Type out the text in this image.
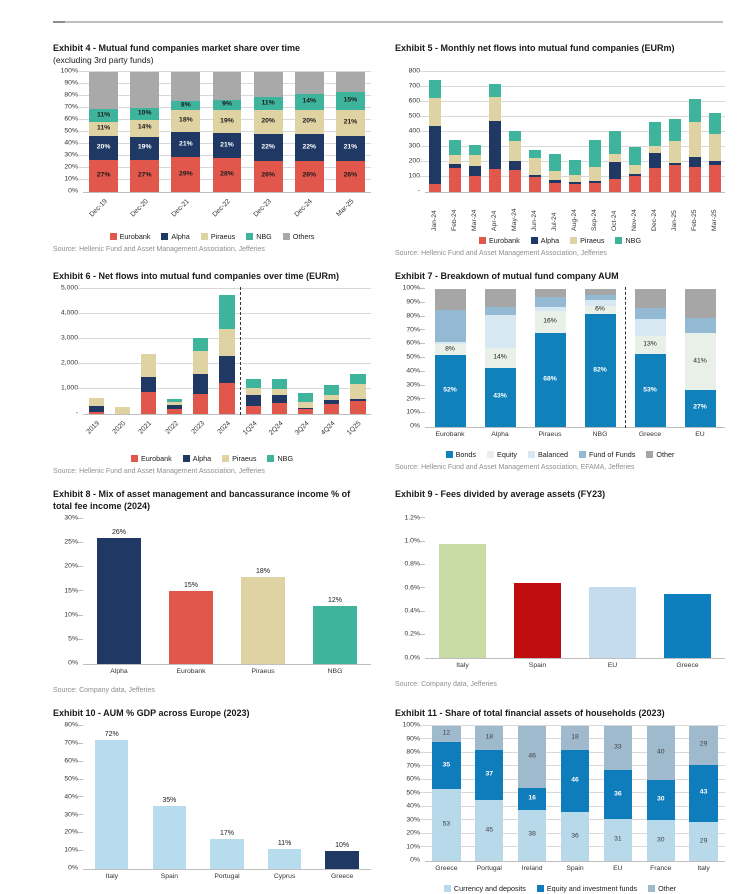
Exhibit 4 - Mutual fund companies market share over time
(excluding 3rd party funds)
0%
10%
20%
30%
40%
50%
60%
70%
80%
90%
100%
27%
20%
11%
11%
27%
19%
14%
10%
29%
21%
18%
8%
28%
21%
19%
9%
26%
22%
20%
11%
26%
22%
20%
14%
26%
21%
21%
15%
Dec-19	Dec-20	Dec-21	Dec-22	Dec-23	Dec-24	Mar-25
Eurobank	Alpha	Piraeus	NBG	Others
Source: Hellenic Fund and Asset Management Association, Jefferies
Exhibit 5 - Monthly net flows into mutual fund companies (EURm)
-
100
200
300
400
500
600
700
800
Jan-24 Feb-24 Mar-24 Apr-24 May-24 Jun-24 Jul-24 Aug-24 Sep-24 Oct-24 Nov-24 Dec-24 Jan-25 Feb-25 Mar-25
Eurobank	Alpha	Piraeus	NBG
Source: Hellenic Fund and Asset Management Association, Jefferies
Exhibit 6 - Net flows into mutual fund companies over time (EURm)
-
1,000
2,000
3,000
4,000
5,000
2019 2020 2021 2022 2023 2024 1Q24 2Q24 3Q24 4Q24 1Q25
Eurobank	Alpha	Piraeus	NBG
Source: Hellenic Fund and Asset Management Association, Jefferies
Exhibit 7 - Breakdown of mutual fund company AUM
0%
10%
20%
30%
40%
50%
60%
70%
80%
90%
100%
52%
8%
43%
14%
68%
16%
82%
6%
53%
13%
27%
41%
Eurobank	Alpha	Piraeus	NBG	Greece	EU
Bonds	Equity	Balanced	Fund of Funds	Other
Source: Hellenic Fund and Asset Management Association, EFAMA, Jefferies
Exhibit 8 - Mix of asset management and bancassurance income % of total fee income (2024)
0%
5%
10%
15%
20%
25%
30%
26%
15%
18%
12%
Alpha	Eurobank	Piraeus	NBG
Source: Company data, Jefferies
Exhibit 9 - Fees divided by average assets (FY23)
0.0%
0.2%
0.4%
0.6%
0.8%
1.0%
1.2%
Italy	Spain	EU	Greece
Source: Company data, Jefferies
Exhibit 10 - AUM % GDP across Europe (2023)
0%
10%
20%
30%
40%
50%
60%
70%
80%
72%
35%
17%
11%	10%
Italy	Spain	Portugal	Cyprus	Greece
Exhibit 11 - Share of total financial assets of households (2023)
0%
10%
20%
30%
40%
50%
60%
70%
80%
90%
100%
53
35
12
45
37
18
38
16
46
36
46
18
31
36
33
30
30
40
29
43
29
Greece	Portugal	Ireland	Spain	EU	France	Italy
Currency and deposits	Equity and investment funds	Other
